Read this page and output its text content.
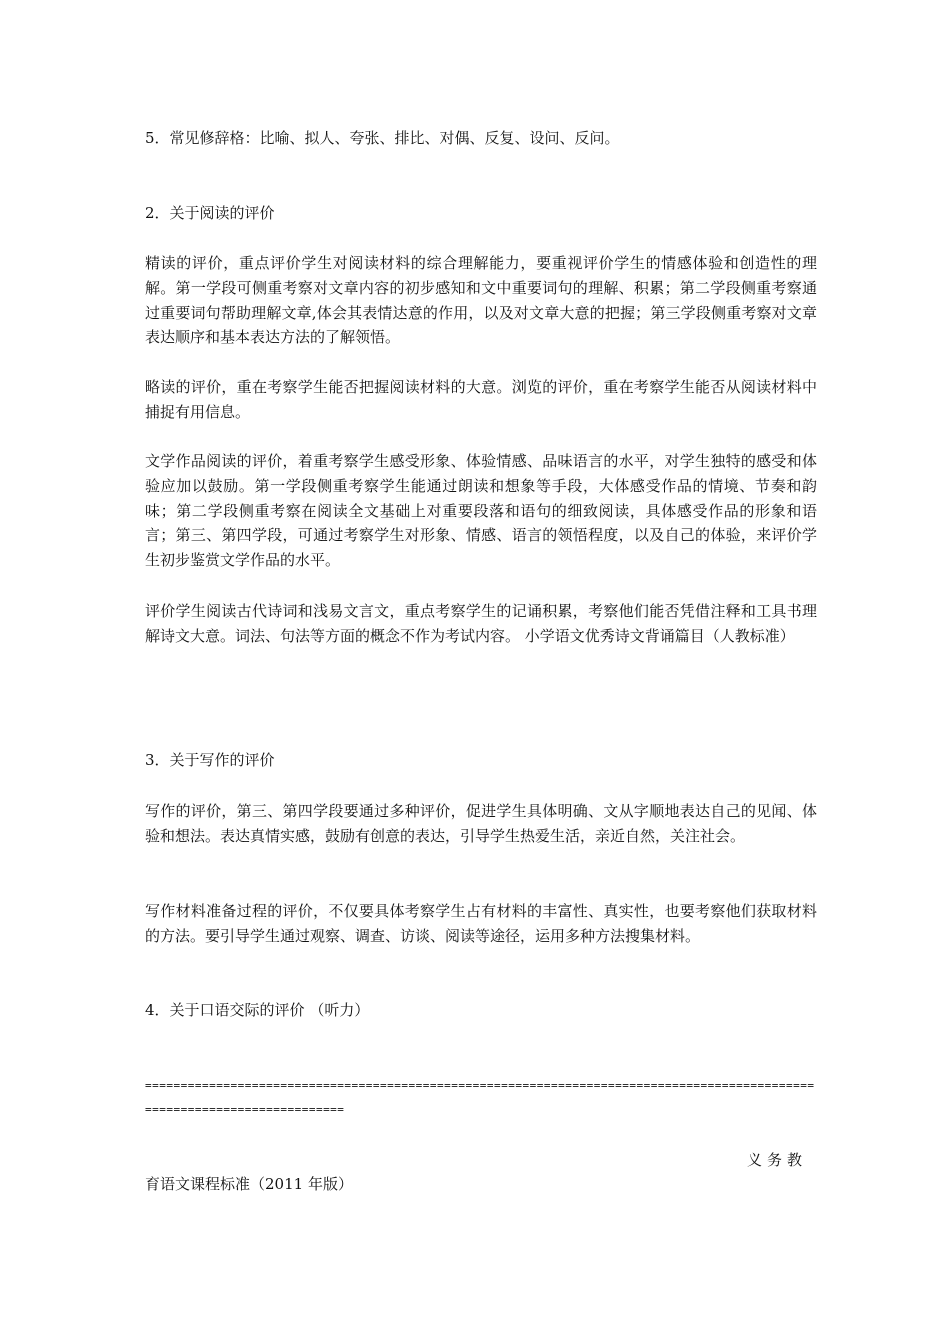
5．常见修辞格：比喻、拟人、夸张、排比、对偶、反复、设问、反问。

2．关于阅读的评价

精读的评价，重点评价学生对阅读材料的综合理解能力，要重视评价学生的情感体验和创造性的理解。第一学段可侧重考察对文章内容的初步感知和文中重要词句的理解、积累；第二学段侧重考察通过重要词句帮助理解文章,体会其表情达意的作用，以及对文章大意的把握；第三学段侧重考察对文章表达顺序和基本表达方法的了解领悟。

略读的评价，重在考察学生能否把握阅读材料的大意。浏览的评价，重在考察学生能否从阅读材料中捕捉有用信息。

文学作品阅读的评价，着重考察学生感受形象、体验情感、品味语言的水平，对学生独特的感受和体验应加以鼓励。第一学段侧重考察学生能通过朗读和想象等手段，大体感受作品的情境、节奏和韵味；第二学段侧重考察在阅读全文基础上对重要段落和语句的细致阅读，具体感受作品的形象和语言；第三、第四学段，可通过考察学生对形象、情感、语言的领悟程度，以及自己的体验，来评价学生初步鉴赏文学作品的水平。

评价学生阅读古代诗词和浅易文言文，重点考察学生的记诵积累，考察他们能否凭借注释和工具书理解诗文大意。词法、句法等方面的概念不作为考试内容。 小学语文优秀诗文背诵篇目（人教标准）

3．关于写作的评价

写作的评价，第三、第四学段要通过多种评价，促进学生具体明确、文从字顺地表达自己的见闻、体验和想法。表达真情实感，鼓励有创意的表达，引导学生热爱生活，亲近自然，关注社会。

写作材料准备过程的评价，不仅要具体考察学生占有材料的丰富性、真实性，也要考察他们获取材料的方法。要引导学生通过观察、调查、访谈、阅读等途径，运用多种方法搜集材料。

4．关于口语交际的评价 （听力）

==========================================================================================================================

义务教

育语文课程标准（2011 年版）
